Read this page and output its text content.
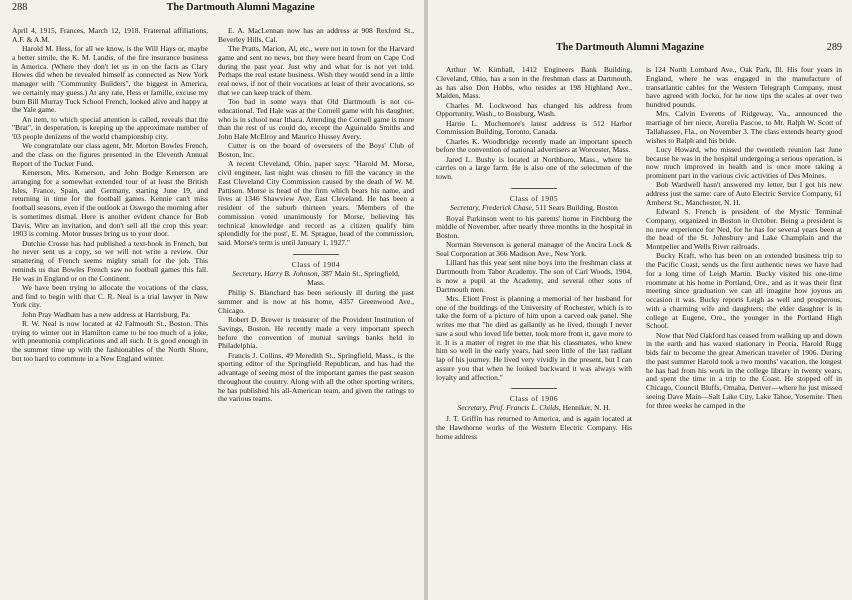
288	The Dartmouth Alumni Magazine

April 4, 1915, Frances, March 12, 1918. Fraternal affiliations, A.F. & A.M.

Harold M. Hess, for all we know, is the Will Hays or, maybe a better simile, the K. M. Landis, of the fire insurance business in America. (Where they don't let us in on the facts as Clary Howes did when he revealed himself as connected as New York manager with "Community Builders", the biggest in America, we certainly may guess.) At any rate, Hess et famille, excuse my bum Bill Murray Tuck School French, looked alive and happy at the Yale game.

An item, to which special attention is called, reveals that the "Brat", in desperation, is keeping up the approximate number of '03 people denizens of the world championship city.

We congratulate our class agent, Mr. Morton Bowles French, and the class on the figures presented in the Eleventh Annual Report of the Tucker Fund.

Kenerson, Mrs. Kenerson, and John Bodge Kenerson are arranging for a somewhat extended tour of at least the British Isles, France, Spain, and Germany, starting June 19, and returning in time for the football games. Kennie can't miss football seasons, even if the outlook at Oswego the morning after is sometimes dismal. Here is another evident chance for Bob Davis. Wire an invitation, and don't sell all the crop this year: 1903 is coming. Motor busses bring us to your door.

Dutchie Crosse has had published a text-book in French, but he never sent us a copy, so we will not write a review. Our smattering of French seems mighty small for the job. This reminds us that Bowles French saw no football games this fall. He was in England or on the Continent.

We have been trying to allocate the vocations of the class, and find to begin with that C. R. Neal is a trial lawyer in New York city.

John Pray Wadham has a new address at Harrisburg, Pa.

R. W. Neal is now located at 42 Falmouth St., Boston. This trying to winter out in Hamilton came to be too much of a joke, with pneumonia complications and all such. It is good enough in the summer time up with the fashionables of the North Shore, but too hard to commute in a New England winter.

E. A. MacLennan now has an address at 908 Rexford St., Beverley Hills, Cal.

The Pratts, Marion, Al, etc., were not in town for the Harvard game and sent no news, but they were heard from on Cape Cod during the past year. Just why and what for is not yet told. Perhaps the real estate business. Wish they would send in a little real news, if not of their vocations at least of their avocations, so that we can keep track of them.

Too bad in some ways that Old Dartmouth is not co-educational. Ted Hale was at the Cornell game with his daughter, who is in school near Ithaca. Attending the Cornell game is more than the rest of us could do, except the Aguinaldo Smiths and John Hale McElroy and Maurice Hussey Avery.

Cutter is on the board of overseers of the Boys' Club of Boston, Inc.

A recent Cleveland, Ohio, paper says: "Harold M. Morse, civil engineer, last night was chosen to fill the vacancy in the East Cleveland City Commission caused by the death of W. M. Pattison. Morse is head of the firm which bears his name, and lives at 1346 Shawview Ave, East Cleveland. He has been a resident of the suburb thirteen years. 'Members of the commission voted unanimously for Morse, believing his technical knowledge and record as a citizen qualify him splendidly for the post', E. M. Sprague, head of the commission, said. Morse's term is until January 1, 1927."

Class of 1904
Secretary, Harry B. Johnson, 387 Main St., Springfield, Mass.

Philip S. Blanchard has been seriously ill during the past summer and is now at his home, 4357 Greenwood Ave., Chicago.

Robert D. Brewer is treasurer of the Provident Institution of Savings, Boston. He recently made a very important speech before the convention of mutual savings banks held in Philadelphia.

Francis J. Collins, 49 Meredith St., Springfield, Mass., is the sporting editor of the Springfield Republican, and has had the advantage of seeing most of the important games the past season throughout the country. Along with all the other sporting writers, he has published his all-American team, and given the ratings to the various teams.

The Dartmouth Alumni Magazine	289

Arthur W. Kimball, 1412 Engineers Bank Building, Cleveland, Ohio, has a son in the freshman class at Dartmouth, as has also Don Hobbs, who resides at 198 Highland Ave., Malden, Mass.

Charles M. Lockwood has changed his address from Opportunity, Wash., to Bossburg, Wash.

Harrie L. Muchemore's latest address is 512 Harbor Commission Building, Toronto, Canada.

Charles K. Woodbridge recently made an important speech before the convention of national advertisers at Worcester, Mass.

Jared L. Bushy is located at Northboro, Mass., where he carries on a large farm. He is also one of the selectmen of the town.

Class of 1905
Secretary, Frederick Chase, 511 Sears Building, Boston

Royal Parkinson went to his parents' home in Fitchburg the middle of November, after nearly three months in the hospital in Boston.

Norman Stevenson is general manager of the Ancira Lock & Seal Corporation at 366 Madison Ave., New York.

Lillard has this year sent nine boys into the freshman class at Dartmouth from Tabor Academy. The son of Carl Woods, 1904, is now a pupil at the Academy, and several other sons of Dartmouth men.

Mrs. Eliott Frost is planning a memorial of her husband for one of the buildings of the University of Rochester, which is to take the form of a picture of him upon a carved oak panel. She writes me that "he died as gallantly as he lived, though I never saw a soul who loved life better, took more from it, gave more to it. It is a matter of regret to me that his classmates, who knew him so well in the early years, had seen little of the last radiant lap of his journey. He lived very vividly in the present, but I can assure you that when he looked backward it was always with loyalty and affection."

Class of 1906
Secretary, Prof. Francis L. Childs, Henniker, N. H.

J. T. Griffin has returned to America, and is again located at the Hawthorne works of the Western Electric Company. His home address

is 124 North Lombard Ave., Oak Park, Ill. His four years in England, where he was engaged in the manufacture of transatlantic cables for the Western Telegraph Company, must have agreed with Jocko, for he now tips the scales at over two hundred pounds.

Mrs. Calvin Everetts of Ridgeway, Va., announced the marriage of her niece, Aurelia Pascoe, to Mr. Ralph W. Scott of Tallahassee, Fla., on November 3. The class extends hearty good wishes to Ralph and his bride.

Lucy Howard, who missed the twentieth reunion last June because he was in the hospital undergoing a serious operation, is now much improved in health and is once more taking a prominent part in the various civic activities of Des Moines.

Bob Wardwell hasn't answered my letter, but I got his new address just the same: care of Auto Electric Service Company, 61 Amherst St., Manchester, N. H.

Edward S. French is president of the Mystic Terminal Company, organized in Boston in October. Being a president is no new experience for Ned, for he has for several years been at the head of the St. Johnsbury and Lake Champlain and the Montpelier and Wells River railroads.

Bucky Kraft, who has been on an extended business trip to the Pacific Coast, sends us the first authentic news we have had for a long time of Leigh Martin. Bucky visited his one-time roommate at his home in Portland, Ore., and as it was their first meeting since graduation we can all imagine how joyous an occasion it was. Bucky reports Leigh as well and prosperous, with a charming wife and daughters; the elder daughter is in college at Eugene, Ore., the younger in the Portland High School.

Now that Ned Oakford has ceased from walking up and down in the earth and has waxed stationary in Peoria, Harold Rugg bids fair to become the great American traveler of 1906. During the past summer Harold took a two months' vacation, the longest he has had from his work in the college library in twenty years, and spent the time in a trip to the Coast. He stopped off in Chicago, Council Bluffs, Omaha, Denver—where he just missed seeing Dave Main—Salt Lake City, Lake Tahoe, Yosemite. Then for three weeks he camped in the
